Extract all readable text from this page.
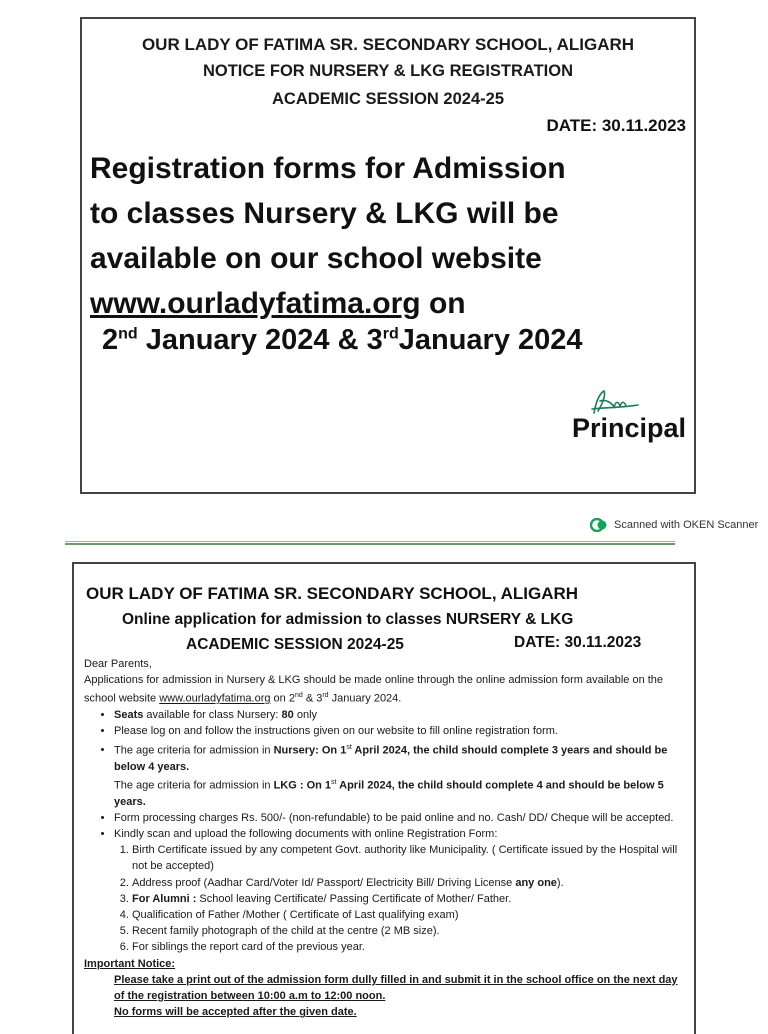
OUR LADY OF FATIMA SR. SECONDARY SCHOOL, ALIGARH
NOTICE FOR NURSERY & LKG REGISTRATION
ACADEMIC SESSION 2024-25
DATE: 30.11.2023
Registration forms for Admission
to classes Nursery & LKG will be
available on our school website
www.ourladyfatima.org on
2nd January 2024 & 3rdJanuary 2024
Principal
Scanned with OKEN Scanner
OUR LADY OF FATIMA SR. SECONDARY SCHOOL, ALIGARH
Online application for admission to classes NURSERY & LKG
ACADEMIC SESSION 2024-25	DATE: 30.11.2023

Dear Parents,

Applications for admission in Nursery & LKG should be made online through the online admission form available on the school website www.ourladyfatima.org on 2nd & 3rd January 2024.

• Seats available for class Nursery: 80 only
• Please log on and follow the instructions given on our website to fill online registration form.
• The age criteria for admission in Nursery: On 1st April 2024, the child should complete 3 years and should be below 4 years.

The age criteria for admission in LKG : On 1st April 2024, the child should complete 4 and should be below 5 years.

• Form processing charges Rs. 500/- (non-refundable) to be paid online and no. Cash/ DD/ Cheque will be accepted.
• Kindly scan and upload the following documents with online Registration Form:
1. Birth Certificate issued by any competent Govt. authority like Municipality. ( Certificate issued by the Hospital will not be accepted)
2. Address proof (Aadhar Card/Voter Id/ Passport/ Electricity Bill/ Driving License any one).
3. For Alumni : School leaving Certificate/ Passing Certificate of Mother/ Father.
4. Qualification of Father /Mother ( Certificate of Last qualifying exam)
5. Recent family photograph of the child at the centre (2 MB size).
6. For siblings the report card of the previous year.

Important Notice:

Please take a print out of the admission form dully filled in and submit it in the school office on the next day of the registration between 10:00 a.m to 12:00 noon.

No forms will be accepted after the given date.
